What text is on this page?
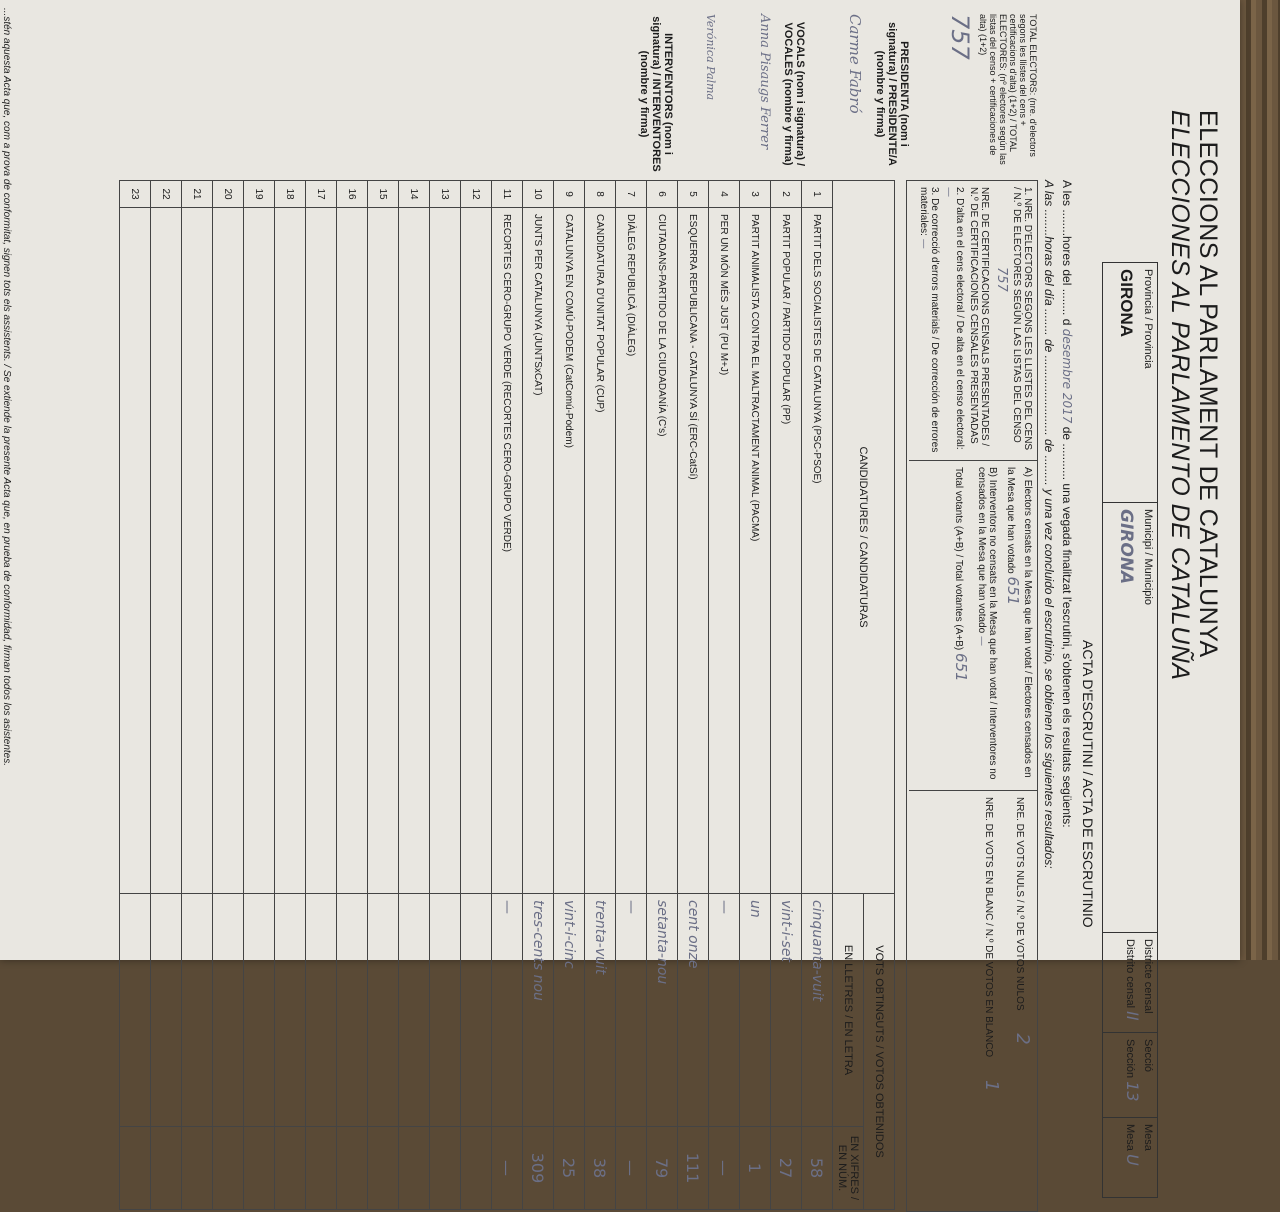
ELECCIONS AL PARLAMENT DE CATALUNYA
ELECCIONES AL PARLAMENTO DE CATALUÑA
Provincia / Provincia
GIRONA
Municipi / Municipio
GIRONA
Districte censal
Distrito censal II
Secció
Sección 13
Mesa
Mesa U
ACTA D'ESCRUTINI / ACTA DE ESCRUTINIO
A les ........hores del ........ d desembre 2017 de ........... una vegada finalitzat l'escrutini, s'obtenen els resultats següents:
A las ........horas del día ........ de ........................ de ......... y una vez concluido el escrutinio, se obtienen los siguientes resultados:
1. NRE. D'ELECTORS SEGONS LES LLISTES DEL CENS / N.º DE ELECTORES SEGÚN LAS LISTAS DEL CENSO
757
NRE. DE CERTIFICACIONS CENSALS PRESENTADES / N.º DE CERTIFICACIONES CENSALES PRESENTADAS
2. D'alta en el cens electoral / De alta en el censo electoral: —
3. De correcció d'errors materials / De corrección de errores materiales: —
A) Electors censats en la Mesa que han votat / Electores censados en la Mesa que han votado 651
B) Interventors no censats en la Mesa que han votat / Interventores no censados en la Mesa que han votado —
Total votants (A+B) / Total votantes (A+B) 651
NRE. DE VOTS NULS / N.º DE VOTOS NULOS 2
NRE. DE VOTS EN BLANC / N.º DE VOTOS EN BLANCO 1
TOTAL ELECTORS: (nre. d'electors segons les llistes del cens + certificacions d'alta) (1+2) / TOTAL ELECTORES: (nº electores según las listas del censo + certificaciones de alta) (1+2)
757
PRESIDENTA (nom i signatura) / PRESIDENTE/A (nombre y firma)
Carme Fabró
VOCALS (nom i signatura) / VOCALES (nombre y firma)
Anna Pisaugs Ferrer
Verónica Palma
INTERVENTORS (nom i signatura) / INTERVENTORES (nombre y firma)
CANDIDATURES / CANDIDATURAS		VOTS OBTINGUTS / VOTOS OBTENIDOS	
		EN LLETRES / EN LETRA	EN XIFRES / EN NÚM.
1	PARTIT DELS SOCIALISTES DE CATALUNYA (PSC-PSOE)	cinquanta-vuit	58
2	PARTIT POPULAR / PARTIDO POPULAR (PP)	vint-i-set	27
3	PARTIT ANIMALISTA CONTRA EL MALTRACTAMENT ANIMAL (PACMA)	un	1
4	PER UN MÓN MÉS JUST (PU M+J)	—	—
5	ESQUERRA REPUBLICANA - CATALUNYA SÍ (ERC-CatSí)	cent onze	111
6	CIUTADANS-PARTIDO DE LA CIUDADANÍA (C's)	setanta-nou	79
7	DIÀLEG REPUBLICÀ (DIÀLEG)	—	—
8	CANDIDATURA D'UNITAT POPULAR (CUP)	trenta-vuit	38
9	CATALUNYA EN COMÚ-PODEM (CatComú-Podem)	vint-i-cinc	25
10	JUNTS PER CATALUNYA (JUNTSxCAT)	tres-cents nou	309
11	RECORTES CERO-GRUPO VERDE (RECORTES CERO-GRUPO VERDE)	—	—
12			
13			
14			
15			
16			
17			
18			
19			
20			
21			
22			
23			
...stén aquesta Acta que, com a prova de conformitat, signen tots els assistents. / Se extiende la presente Acta que, en prueba de conformidad, firman todos los asistentes.
